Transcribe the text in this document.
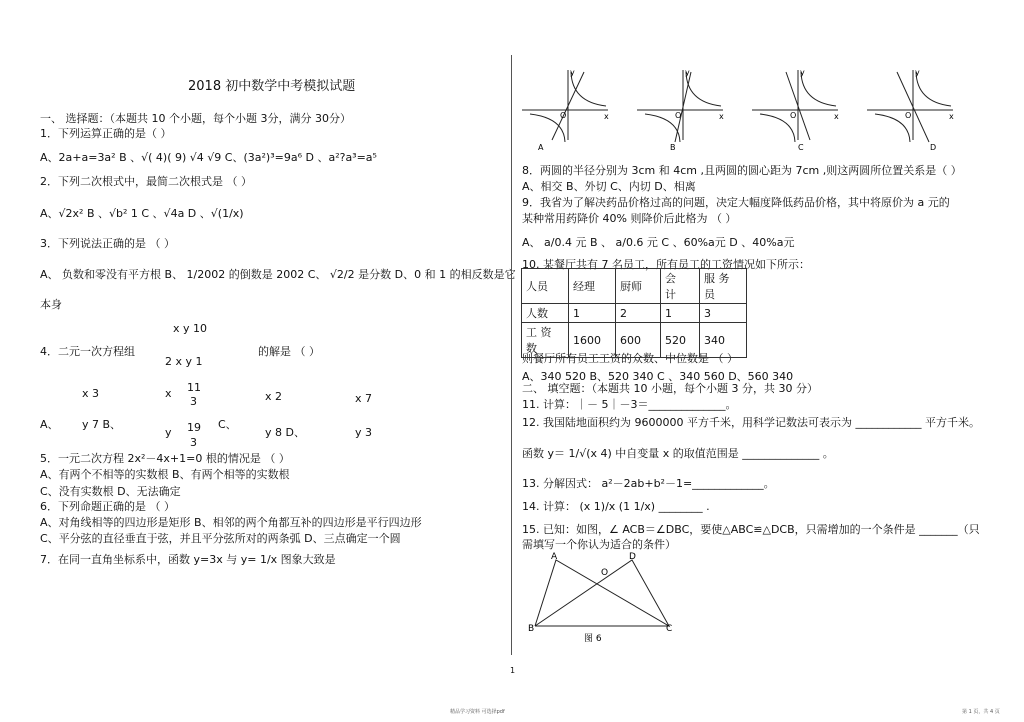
2018 初中数学中考模拟试题
一、 选择题：（本题共 10 个小题，每个小题 3分，满分 30分）
1．下列运算正确的是（ ）
A、2a+a=3a² B 、√( 4)( 9) √4 √9 C、(3a²)³=9a⁶ D 、a²?a³=a⁵
2．下列二次根式中，最简二次根式是 （ ）
A、√2x² B 、√b² 1 C 、√4a D 、√(1/x)
3．下列说法正确的是 （ ）
A、 负数和零没有平方根 B、 1/2002 的倒数是 2002 C、 √2/2 是分数 D、0 和 1 的相反数是它
本身
x y 10
4．二元一次方程组
2 x y 1
的解是 （ ）
x 3	x 11
3	x 2	x 7
A、 y 7 B、	C、
19
y
3
y 8 D、	y 3
5．一元二次方程 2x²－4x+1=0 根的情况是 （ ）
A、有两个不相等的实数根 B、有两个相等的实数根
C、没有实数根 D、无法确定
6．下列命题正确的是 （ ）
A、对角线相等的四边形是矩形 B、相邻的两个角都互补的四边形是平行四边形
C、平分弦的直径垂直于弦，并且平分弦所对的两条弧 D、三点确定一个圆
7．在同一直角坐标系中，函数 y=3x 与 y= 1/x 图象大致是
8．两圆的半径分别为 3cm 和 4cm ,且两圆的圆心距为 7cm ,则这两圆所位置关系是（ ）
A、相交 B、外切 C、内切 D、相离
9．我省为了解决药品价格过高的问题，决定大幅度降低药品价格，其中将原价为 a 元的
某种常用药降价 40% 则降价后此格为 （ ）
A、 a/0.4 元 B 、 a/0.6 元 C 、60%a元 D 、40%a元
10. 某餐厅共有 7 名员工，所有员工的工资情况如下所示：
则餐厅所有员工工资的众数、中位数是 （ ）
A、340 520 B、520 340 C 、340 560 D、560 340
二、 填空题：（本题共 10 小题，每个小题 3 分，共 30 分）
11. 计算：｜－ 5｜－3＝______________。
12. 我国陆地面积约为 9600000 平方千米，用科学记数法可表示为 ____________ 平方千米。
函数 y＝ 1/√(x 4) 中自变量 x 的取值范围是 ______________ 。
13. 分解因式： a²－2ab+b²－1=_____________。
14. 计算： (x 1)/x (1 1/x) ________ .
15. 已知：如图，∠ ACB＝∠DBC，要使△ABC≌△DCB，只需增加的一个条件是 _______（只
需填写一个你认为适合的条件）
y
x
O
A
y
x
O
B
y
x
O
C
y
x
O
D
人员	经理	厨师	会
计	服 务
员
人数	1	2	1	3
工 资
数	1600	600	520	340
A	D
O
B	C
图 6
1
精品学习资料 可选择pdf	第 1 页，共 4 页
